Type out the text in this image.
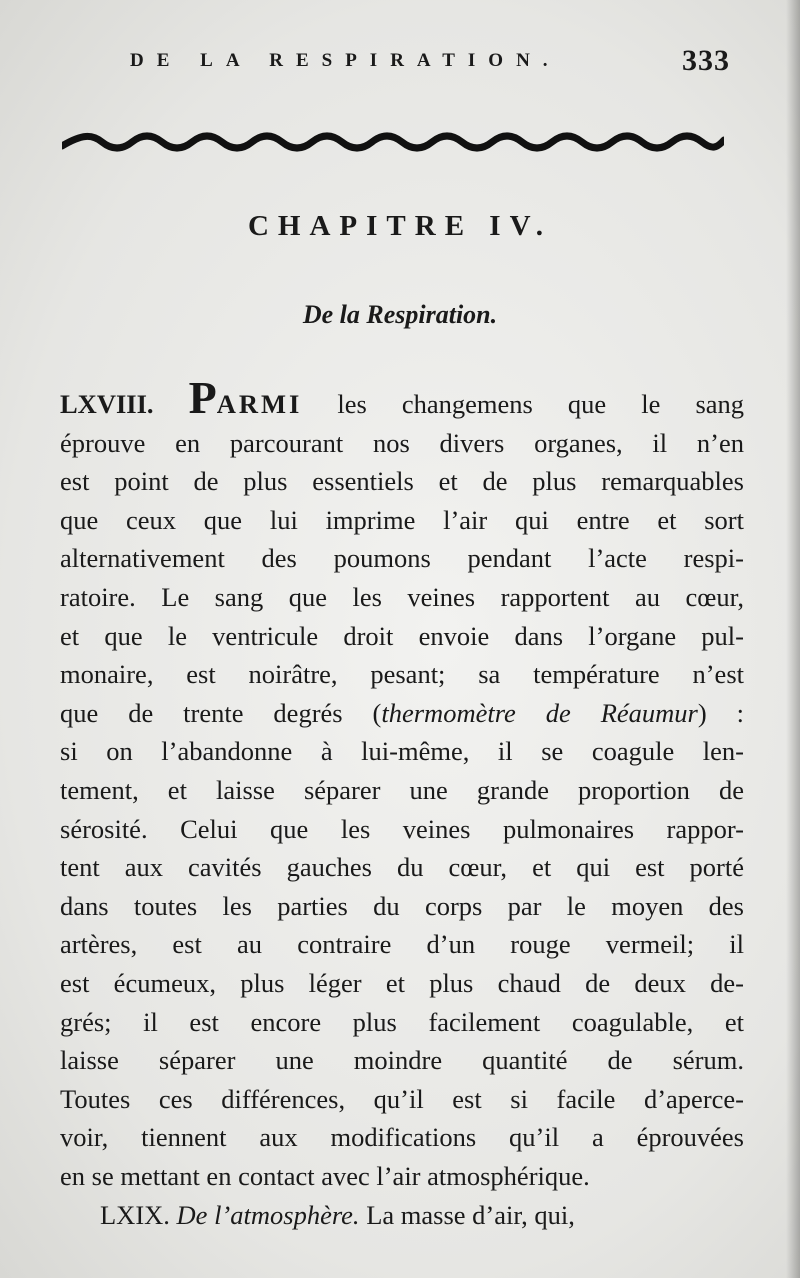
DE LA RESPIRATION.	333
CHAPITRE IV.
De la Respiration.
LXVIII. PARMI les changemens que le sang
éprouve en parcourant nos divers organes, il n’en
est point de plus essentiels et de plus remarquables
que ceux que lui imprime l’air qui entre et sort
alternativement des poumons pendant l’acte respi-
ratoire. Le sang que les veines rapportent au cœur,
et que le ventricule droit envoie dans l’organe pul-
monaire, est noirâtre, pesant; sa température n’est
que de trente degrés (thermomètre de Réaumur) :
si on l’abandonne à lui-même, il se coagule len-
tement, et laisse séparer une grande proportion de
sérosité. Celui que les veines pulmonaires rappor-
tent aux cavités gauches du cœur, et qui est porté
dans toutes les parties du corps par le moyen des
artères, est au contraire d’un rouge vermeil; il
est écumeux, plus léger et plus chaud de deux de-
grés; il est encore plus facilement coagulable, et
laisse séparer une moindre quantité de sérum.
Toutes ces différences, qu’il est si facile d’aperce-
voir, tiennent aux modifications qu’il a éprouvées
en se mettant en contact avec l’air atmosphérique.
LXIX. De l’atmosphère. La masse d’air, qui,
